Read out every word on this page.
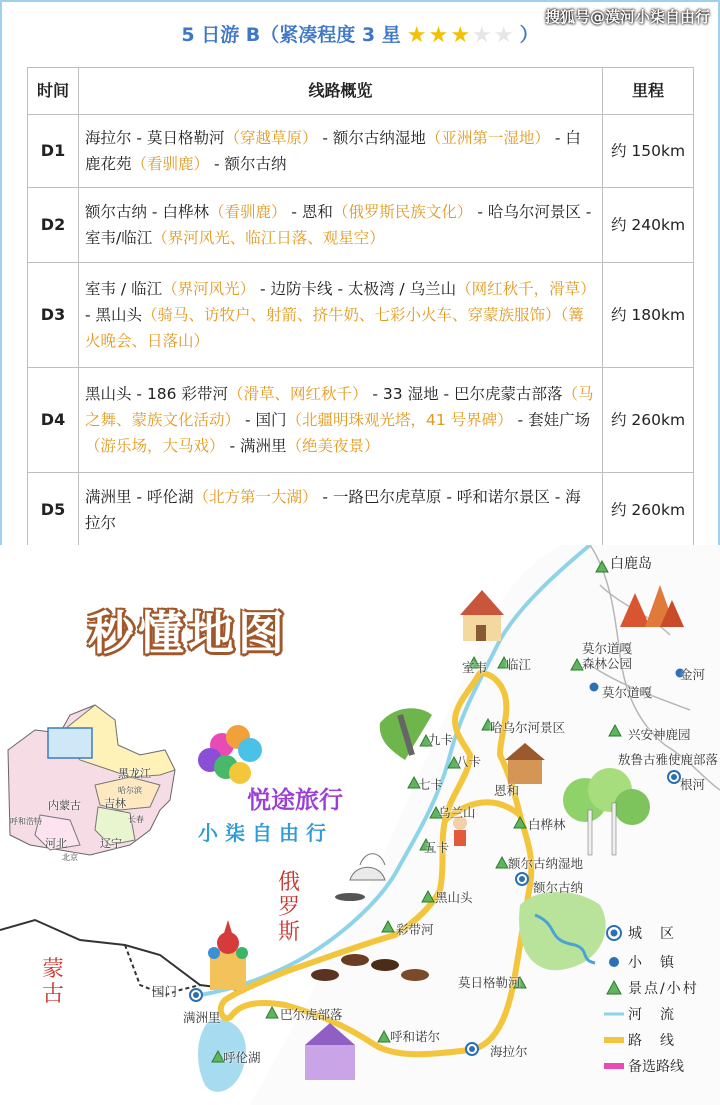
5 日游 B（紧凑程度 3 星 ★★★★★ ）
搜狐号@漠河小柒自由行
时间	线路概览	里程
D1	海拉尔 - 莫日格勒河（穿越草原） - 额尔古纳湿地（亚洲第一湿地） - 白鹿花苑（看驯鹿） - 额尔古纳	约 150km
D2	额尔古纳 - 白桦林（看驯鹿） - 恩和（俄罗斯民族文化） - 哈乌尔河景区 - 室韦/临江（界河风光、临江日落、观星空）	约 240km
D3	室韦 / 临江（界河风光） - 边防卡线 - 太极湾 / 乌兰山（网红秋千，滑草） - 黑山头（骑马、访牧户、射箭、挤牛奶、七彩小火车、穿蒙族服饰）（篝火晚会、日落山）	约 180km
D4	黑山头 - 186 彩带河（滑草、网红秋千） - 33 湿地 - 巴尔虎蒙古部落（马之舞、蒙族文化活动） - 国门（北疆明珠观光塔，41 号界碑） - 套娃广场（游乐场，大马戏） - 满洲里（绝美夜景）	约 260km
D5	满洲里 - 呼伦湖（北方第一大湖） - 一路巴尔虎草原 - 呼和诺尔景区 - 海拉尔	约 260km
秒懂地图
悦途旅行
小柒自由行
俄罗斯
蒙古
黑龙江
内蒙古 吉林
辽宁
河北
哈尔滨
长春
呼和浩特
北京
白鹿岛
莫尔道嘎
森林公园
莫尔道嘎
金河
兴安神鹿园
敖鲁古雅使鹿部落
根河
室韦 临江
九卡
八卡
哈乌尔河景区
七卡
乌兰山
恩和
白桦林
五卡
额尔古纳湿地
额尔古纳
黑山头
彩带河
莫日格勒河
国门
满洲里	巴尔虎部落
呼伦湖
呼和诺尔
海拉尔
城　区
小　镇
景点/小村
河　流
路　线
备选路线
